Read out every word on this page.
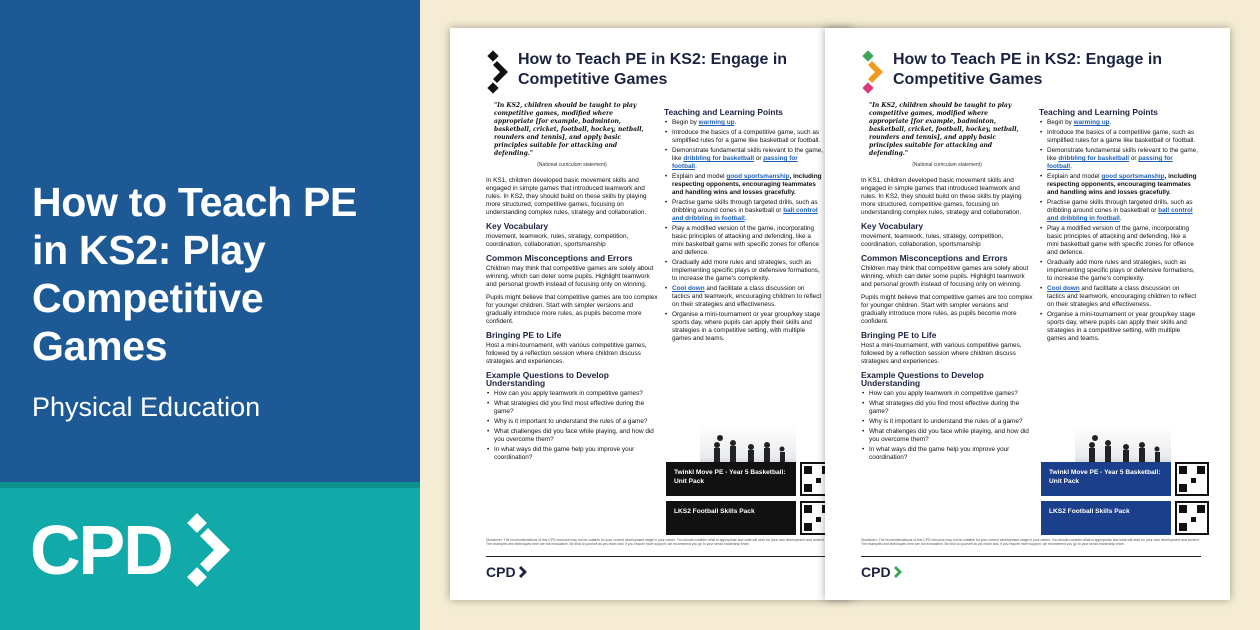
How to Teach PE in KS2: Play Competitive Games
Physical Education
CPD
How to Teach PE in KS2: Engage in Competitive Games
"In KS2, children should be taught to play competitive games, modified where appropriate [for example, badminton, basketball, cricket, football, hockey, netball, rounders and tennis], and apply basic principles suitable for attacking and defending."
(National curriculum statement)
In KS1, children developed basic movement skills and engaged in simple games that introduced teamwork and rules. In KS2, they should build on these skills by playing more structured, competitive games, focusing on understanding complex rules, strategy and collaboration.
Key Vocabulary
movement, teamwork, rules, strategy, competition, coordination, collaboration, sportsmanship
Common Misconceptions and Errors
Children may think that competitive games are solely about winning, which can deter some pupils. Highlight teamwork and personal growth instead of focusing only on winning.
Pupils might believe that competitive games are too complex for younger children. Start with simpler versions and gradually introduce more rules, as pupils become more confident.
Bringing PE to Life
Host a mini-tournament, with various competitive games, followed by a reflection session where children discuss strategies and experiences.
Example Questions to Develop Understanding
• How can you apply teamwork in competitive games?
• What strategies did you find most effective during the game?
• Why is it important to understand the rules of a game?
• What challenges did you face while playing, and how did you overcome them?
• In what ways did the game help you improve your coordination?
Teaching and Learning Points
• Begin by warming up.
• Introduce the basics of a competitive game, such as simplified rules for a game like basketball or football.
• Demonstrate fundamental skills relevant to the game, like dribbling for basketball or passing for football.
• Explain and model good sportsmanship, including respecting opponents, encouraging teammates and handling wins and losses gracefully.
• Practise game skills through targeted drills, such as dribbling around cones in basketball or ball control and dribbling in football.
• Play a modified version of the game, incorporating basic principles of attacking and defending, like a mini basketball game with specific zones for offence and defence.
• Gradually add more rules and strategies, such as implementing specific plays or defensive formations, to increase the game's complexity.
• Cool down and facilitate a class discussion on tactics and teamwork, encouraging children to reflect on their strategies and effectiveness.
• Organise a mini-tournament or year group/key stage sports day, where pupils can apply their skills and strategies in a competitive setting, with multiple games and teams.
Twinkl Move PE - Year 5 Basketball: Unit Pack
LKS2 Football Skills Pack
Disclaimer: The recommendations of this CPD resource may not be suitable for your current development stage in your career. You should consider what is appropriate and what will work for your own development and context. The examples and techniques here are not exhaustive. Be kind to yourself as you learn and, if you require more support, we recommend you go to your senior leadership team.
CPD
How to Teach PE in KS2: Engage in Competitive Games
"In KS2, children should be taught to play competitive games, modified where appropriate [for example, badminton, basketball, cricket, football, hockey, netball, rounders and tennis], and apply basic principles suitable for attacking and defending."
(National curriculum statement)
In KS1, children developed basic movement skills and engaged in simple games that introduced teamwork and rules. In KS2, they should build on these skills by playing more structured, competitive games, focusing on understanding complex rules, strategy and collaboration.
Key Vocabulary
movement, teamwork, rules, strategy, competition, coordination, collaboration, sportsmanship
Common Misconceptions and Errors
Children may think that competitive games are solely about winning, which can deter some pupils. Highlight teamwork and personal growth instead of focusing only on winning.
Pupils might believe that competitive games are too complex for younger children. Start with simpler versions and gradually introduce more rules, as pupils become more confident.
Bringing PE to Life
Host a mini-tournament, with various competitive games, followed by a reflection session where children discuss strategies and experiences.
Example Questions to Develop Understanding
• How can you apply teamwork in competitive games?
• What strategies did you find most effective during the game?
• Why is it important to understand the rules of a game?
• What challenges did you face while playing, and how did you overcome them?
• In what ways did the game help you improve your coordination?
Teaching and Learning Points
• Begin by warming up.
• Introduce the basics of a competitive game, such as simplified rules for a game like basketball or football.
• Demonstrate fundamental skills relevant to the game, like dribbling for basketball or passing for football.
• Explain and model good sportsmanship, including respecting opponents, encouraging teammates and handling wins and losses gracefully.
• Practise game skills through targeted drills, such as dribbling around cones in basketball or ball control and dribbling in football.
• Play a modified version of the game, incorporating basic principles of attacking and defending, like a mini basketball game with specific zones for offence and defence.
• Gradually add more rules and strategies, such as implementing specific plays or defensive formations, to increase the game's complexity.
• Cool down and facilitate a class discussion on tactics and teamwork, encouraging children to reflect on their strategies and effectiveness.
• Organise a mini-tournament or year group/key stage sports day, where pupils can apply their skills and strategies in a competitive setting, with multiple games and teams.
Twinkl Move PE - Year 5 Basketball: Unit Pack
LKS2 Football Skills Pack
Disclaimer: The recommendations of this CPD resource may not be suitable for your current development stage in your career. You should consider what is appropriate and what will work for your own development and context. The examples and techniques here are not exhaustive. Be kind to yourself as you learn and, if you require more support, we recommend you go to your senior leadership team.
CPD
